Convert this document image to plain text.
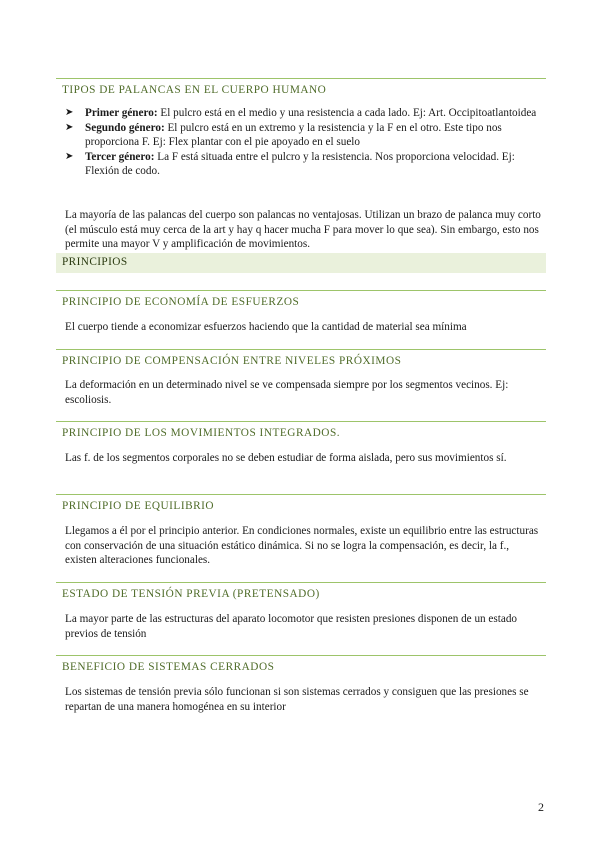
TIPOS DE PALANCAS EN EL CUERPO HUMANO
➤ Primer género: El pulcro está en el medio y una resistencia a cada lado. Ej: Art. Occipitoatlantoidea
➤ Segundo género: El pulcro está en un extremo y la resistencia y la F en el otro. Este tipo nos proporciona F. Ej: Flex plantar con el pie apoyado en el suelo
➤ Tercer género: La F está situada entre el pulcro y la resistencia. Nos proporciona velocidad. Ej: Flexión de codo.

La mayoría de las palancas del cuerpo son palancas no ventajosas. Utilizan un brazo de palanca muy corto (el músculo está muy cerca de la art y hay q hacer mucha F para mover lo que sea). Sin embargo, esto nos permite una mayor V y amplificación de movimientos.

PRINCIPIOS
PRINCIPIO DE ECONOMÍA DE ESFUERZOS

El cuerpo tiende a economizar esfuerzos haciendo que la cantidad de material sea mínima

PRINCIPIO DE COMPENSACIÓN ENTRE NIVELES PRÓXIMOS

La deformación en un determinado nivel se ve compensada siempre por los segmentos vecinos. Ej: escoliosis.

PRINCIPIO DE LOS MOVIMIENTOS INTEGRADOS.

Las f. de los segmentos corporales no se deben estudiar de forma aislada, pero sus movimientos sí.

PRINCIPIO DE EQUILIBRIO

Llegamos a él por el principio anterior. En condiciones normales, existe un equilibrio entre las estructuras con conservación de una situación estático dinámica. Si no se logra la compensación, es decir, la f., existen alteraciones funcionales.

ESTADO DE TENSIÓN PREVIA (PRETENSADO)

La mayor parte de las estructuras del aparato locomotor que resisten presiones disponen de un estado previos de tensión

BENEFICIO DE SISTEMAS CERRADOS

Los sistemas de tensión previa sólo funcionan si son sistemas cerrados y consiguen que las presiones se repartan de una manera homogénea en su interior

2
